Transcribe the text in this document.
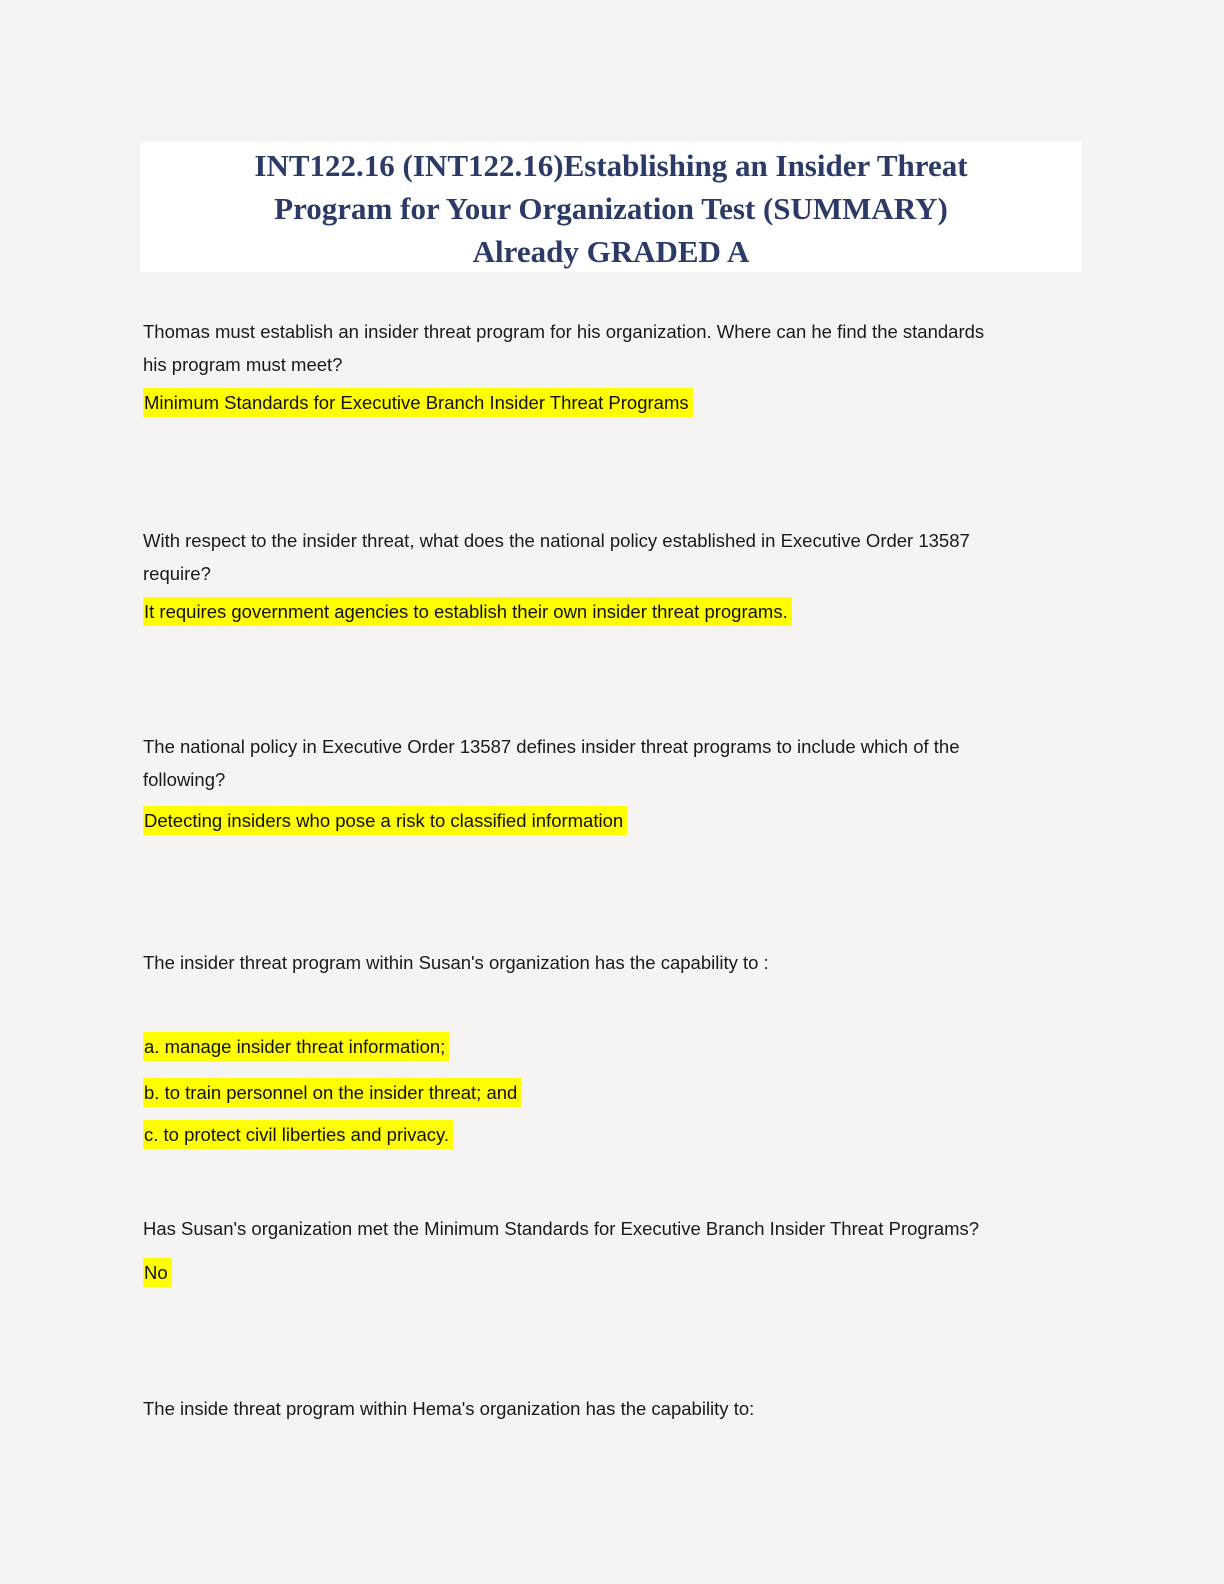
INT122.16 (INT122.16)Establishing an Insider Threat
Program for Your Organization Test (SUMMARY)
Already GRADED A
Thomas must establish an insider threat program for his organization. Where can he find the standards
his program must meet?
Minimum Standards for Executive Branch Insider Threat Programs
With respect to the insider threat, what does the national policy established in Executive Order 13587
require?
It requires government agencies to establish their own insider threat programs.
The national policy in Executive Order 13587 defines insider threat programs to include which of the
following?
Detecting insiders who pose a risk to classified information
The insider threat program within Susan's organization has the capability to :
a. manage insider threat information;
b. to train personnel on the insider threat; and
c. to protect civil liberties and privacy.
Has Susan's organization met the Minimum Standards for Executive Branch Insider Threat Programs?
No
The inside threat program within Hema's organization has the capability to:
